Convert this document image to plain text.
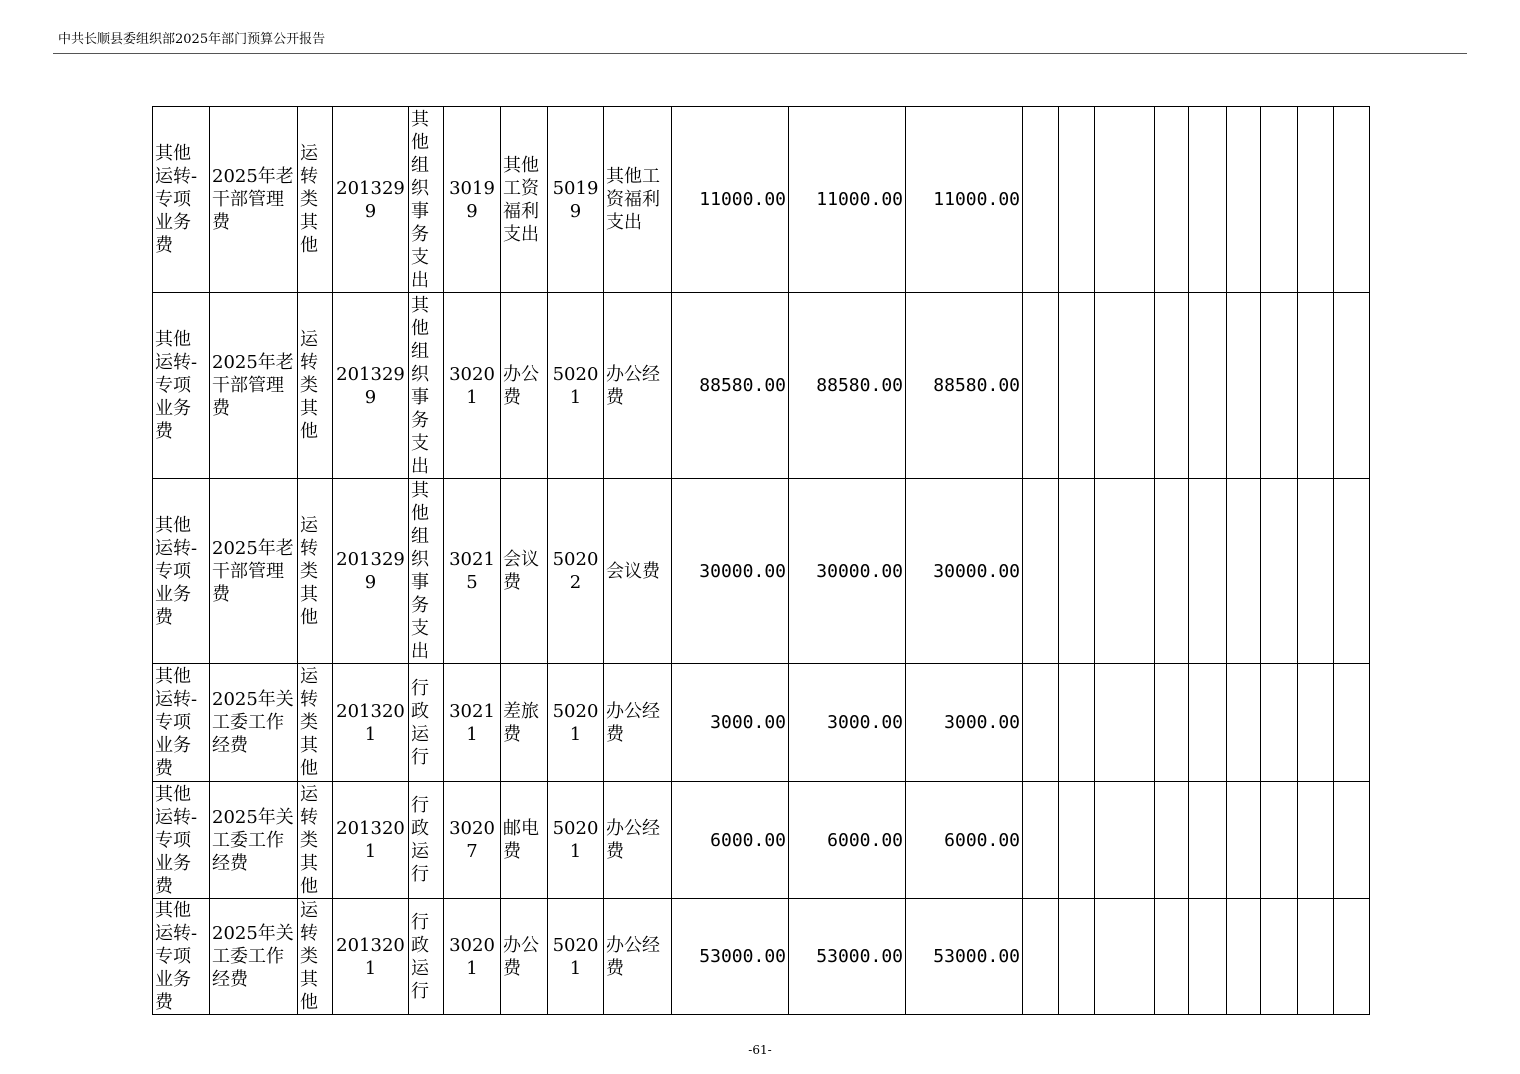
中共长顺县委组织部2025年部门预算公开报告
其他运转-专项业务费	2025年老干部管理费	运转类其他	2013299	其他组织事务支出	30199	其他工资福利支出	50199	其他工资福利支出	11000.00	11000.00	11000.00									
其他运转-专项业务费	2025年老干部管理费	运转类其他	2013299	其他组织事务支出	30201	办公费	50201	办公经费	88580.00	88580.00	88580.00									
其他运转-专项业务费	2025年老干部管理费	运转类其他	2013299	其他组织事务支出	30215	会议费	50202	会议费	30000.00	30000.00	30000.00									
其他运转-专项业务费	2025年关工委工作经费	运转类其他	2013201	行政运行	30211	差旅费	50201	办公经费	3000.00	3000.00	3000.00									
其他运转-专项业务费	2025年关工委工作经费	运转类其他	2013201	行政运行	30207	邮电费	50201	办公经费	6000.00	6000.00	6000.00									
其他运转-专项业务费	2025年关工委工作经费	运转类其他	2013201	行政运行	30201	办公费	50201	办公经费	53000.00	53000.00	53000.00									
-61-
